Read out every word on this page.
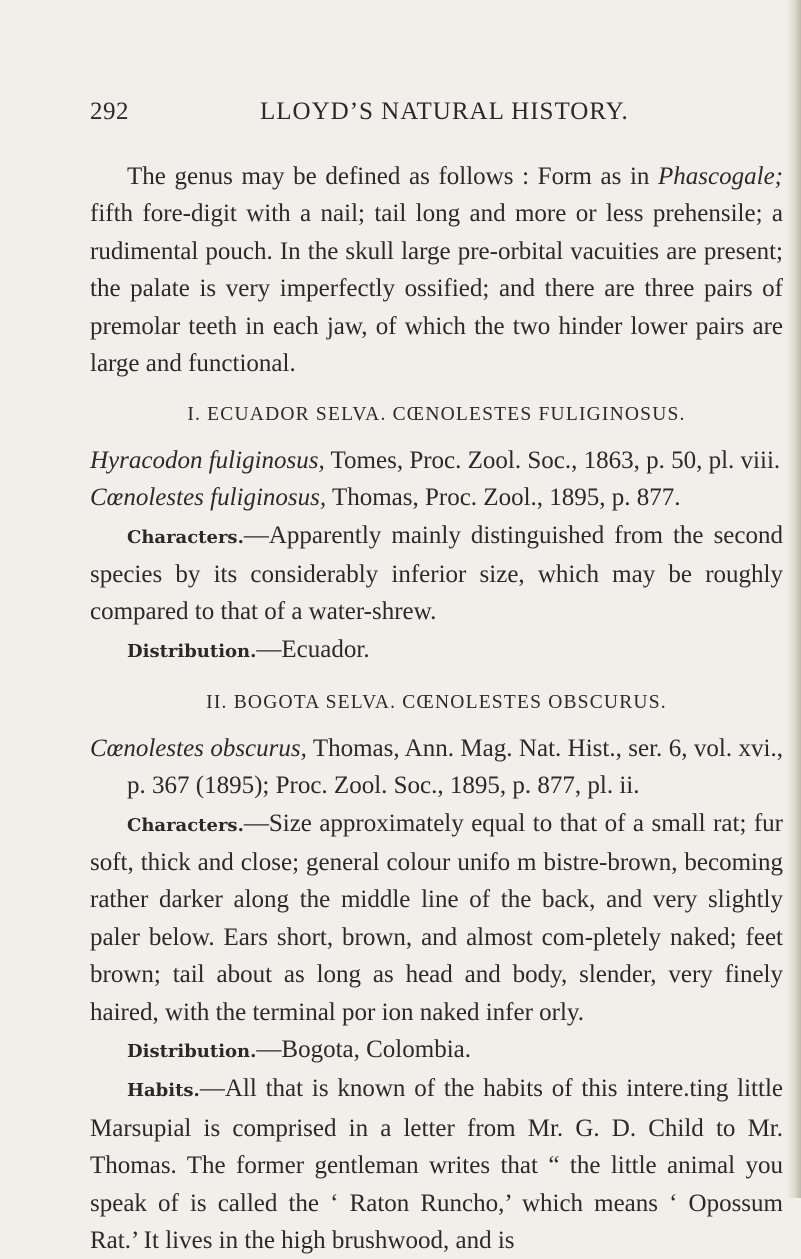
292	LLOYD’S NATURAL HISTORY.

The genus may be defined as follows : Form as in Phascogale; fifth fore-digit with a nail; tail long and more or less prehensile; a rudimental pouch. In the skull large pre-orbital vacuities are present; the palate is very imperfectly ossified; and there are three pairs of premolar teeth in each jaw, of which the two hinder lower pairs are large and functional.

I. ECUADOR SELVA. CŒNOLESTES FULIGINOSUS.

Hyracodon fuliginosus, Tomes, Proc. Zool. Soc., 1863, p. 50, pl. viii.

Cœnolestes fuliginosus, Thomas, Proc. Zool., 1895, p. 877.

Characters.—Apparently mainly distinguished from the second species by its considerably inferior size, which may be roughly compared to that of a water-shrew.

Distribution.—Ecuador.

II. BOGOTA SELVA. CŒNOLESTES OBSCURUS.

Cœnolestes obscurus, Thomas, Ann. Mag. Nat. Hist., ser. 6, vol. xvi., p. 367 (1895); Proc. Zool. Soc., 1895, p. 877, pl. ii.

Characters.—Size approximately equal to that of a small rat; fur soft, thick and close; general colour unifo m bistre-brown, becoming rather darker along the middle line of the back, and very slightly paler below. Ears short, brown, and almost com-pletely naked; feet brown; tail about as long as head and body, slender, very finely haired, with the terminal por ion naked infer orly.

Distribution.—Bogota, Colombia.

Habits.—All that is known of the habits of this intere.ting little Marsupial is comprised in a letter from Mr. G. D. Child to Mr. Thomas. The former gentleman writes that “ the little animal you speak of is called the ‘ Raton Runcho,’ which means ‘ Opossum Rat.’ It lives in the high brushwood, and is
